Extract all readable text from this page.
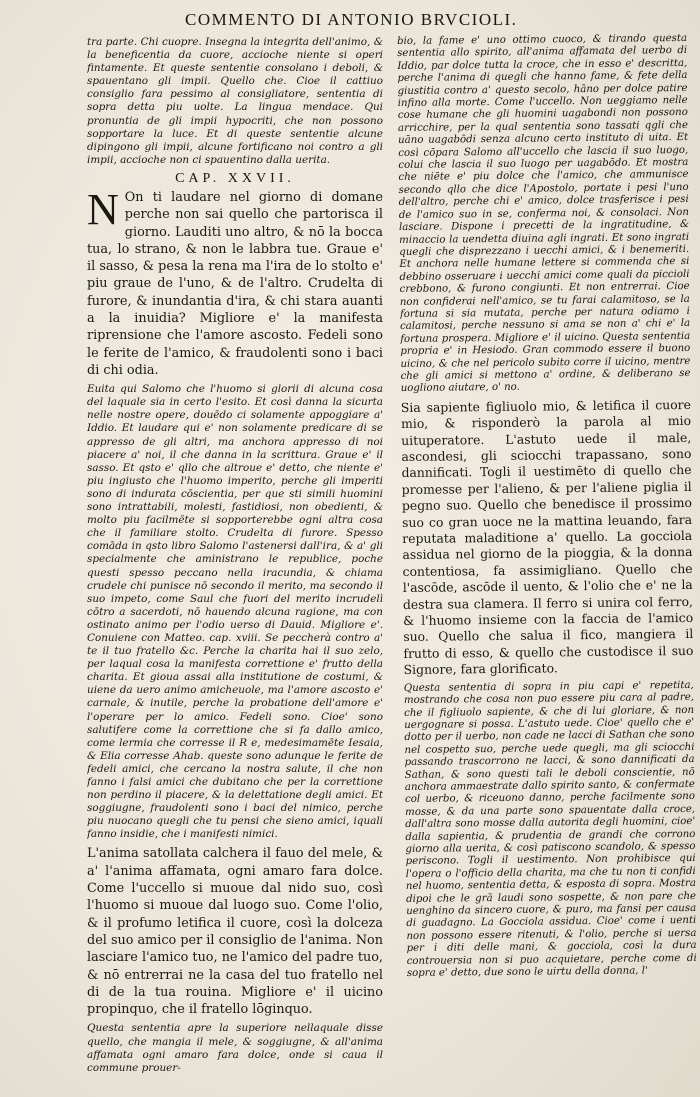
COMMENTO DI ANTONIO BRVCIOLI.

tra parte. Chi cuopre. Insegna la integrita dell'animo, & la beneficentia da cuore, accioche niente si operi fintamente. Et queste sententie consolano i deboli, & spauentano gli impii. Quello che. Cioe il cattiuo consiglio fara pessimo al consigliatore, sententia di sopra detta piu uolte. La lingua mendace. Qui pronuntia de gli impii hypocriti, che non possono sopportare la luce. Et di queste sententie alcune dipingono gli impii, alcune fortificano noi contro a gli impii, accioche non ci spauentino dalla uerita.

CAP. XXVII.

N On ti laudare nel giorno di domane perche non sai quello che partorisca il giorno. Lauditi uno altro, & nō la bocca tua, lo strano, & non le labbra tue. Graue e' il sasso, & pesa la rena ma l'ira de lo stolto e' piu graue de l'uno, & de l'altro. Crudelta di furore, & inundantia d'ira, & chi stara auanti a la inuidia? Migliore e' la manifesta riprensione che l'amore ascosto. Fedeli sono le ferite de l'amico, & fraudolenti sono i baci di chi odia.

Euita qui Salomo che l'huomo si glorii di alcuna cosa del laquale sia in certo l'esito. Et così danna la sicurta nelle nostre opere, douēdo ci solamente appoggiare a' Iddio. Et laudare qui e' non solamente predicare di se appresso de gli altri, ma anchora appresso di noi piacere a' noi, il che danna in la scrittura. Graue e' il sasso. Et qsto e' qllo che altroue e' detto, che niente e' piu ingiusto che l'huomo imperito, perche gli imperiti sono di indurata cōscientia, per que sti simili huomini sono intrattabili, molesti, fastidiosi, non obedienti, & molto piu facilmēte si sopporterebbe ogni altra cosa che il familiare stolto. Crudelta di furore. Spesso comāda in qsto libro Salomo l'astenersi dall'ira, & a' gli specialmente che aministrano le republice, poche questi spesso peccano nella iracundia, & chiama crudele chi punisce nō secondo il merito, ma secondo il suo impeto, come Saul che fuori del merito incrudelì cōtro a sacerdoti, nō hauendo alcuna ragione, ma con ostinato animo per l'odio uerso di Dauid. Migliore e'. Conuiene con Matteo. cap. xviii. Se peccherà contro a' te il tuo fratello &c. Perche la charita hai il suo zelo, per laqual cosa la manifesta correttione e' frutto della charita. Et gioua assai alla institutione de costumi, & uiene da uero animo amicheuole, ma l'amore ascosto e' carnale, & inutile, perche la probatione dell'amore e' l'operare per lo amico. Fedeli sono. Cioe' sono salutifere come la correttione che si fa dallo amico, come lermia che corresse il R e, medesimamēte Iesaia, & Elia corresse Ahab. queste sono adunque le ferite de fedeli amici, che cercano la nostra salute, il che non fanno i falsi amici che dubitano che per la correttione non perdino il piacere, & la delettatione degli amici. Et soggiugne, fraudolenti sono i baci del nimico, perche piu nuocano quegli che tu pensi che sieno amici, iquali fanno insidie, che i manifesti nimici.

L'anima satollata calchera il fauo del mele, & a' l'anima affamata, ogni amaro fara dolce. Come l'uccello si muoue dal nido suo, così l'huomo si muoue dal luogo suo. Come l'olio, & il profumo letifica il cuore, così la dolceza del suo amico per il consiglio de l'anima. Non lasciare l'amico tuo, ne l'amico del padre tuo, & nō entrerrai ne la casa del tuo fratello nel di de la tua rouina. Migliore e' il uicino propinquo, che il fratello lōginquo.

Questa sententia apre la superiore nellaquale disse quello, che mangia il mele, & soggiugne, & all'anima affamata ogni amaro fara dolce, onde si caua il commune prouer-

bio, la fame e' uno ottimo cuoco, & tirando questa sententia allo spirito, all'anima affamata del uerbo di Iddio, par dolce tutta la croce, che in esso e' descritta, perche l'anima di quegli che hanno fame, & fete della giustitia contro a' questo secolo, hāno per dolce patire infino alla morte. Come l'uccello. Non ueggiamo nelle cose humane che gli huomini uagabondi non possono arricchire, per la qual sententia sono tassati qgli che uāno uagabōdi senza alcuno certo instituto di uita. Et così cōpara Salomo all'uccello che lascia il suo luogo, colui che lascia il suo luogo per uagabōdo. Et mostra che niēte e' piu dolce che l'amico, che ammunisce secondo qllo che dice l'Apostolo, portate i pesi l'uno dell'altro, perche chi e' amico, dolce trasferisce i pesi de l'amico suo in se, conferma noi, & consolaci. Non lasciare. Dispone i precetti de la ingratitudine, & minaccio la uendetta diuina agli ingrati. Et sono ingrati quegli che disprezzano i uecchi amici, & i benemeriti. Et anchora nelle humane lettere si commenda che si debbino osseruare i uecchi amici come quali da piccioli crebbono, & furono congiunti. Et non entrerrai. Cioe non confiderai nell'amico, se tu farai calamitoso, se la fortuna si sia mutata, perche per natura odiamo i calamitosi, perche nessuno si ama se non a' chi e' la fortuna prospera. Migliore e' il uicino. Questa sententia propria e' in Hesiodo. Gran commodo essere il buono uicino, & che nel pericolo subito corre il uicino, mentre che gli amici si mettono a' ordine, & deliberano se uogliono aiutare, o' no.

Sia sapiente figliuolo mio, & letifica il cuore mio, & risponderò la parola al mio uituperatore. L'astuto uede il male, ascondesi, gli sciocchi trapassano, sono dannificati. Togli il uestimēto di quello che promesse per l'alieno, & per l'aliene piglia il pegno suo. Quello che benedisce il prossimo suo co gran uoce ne la mattina leuando, fara reputata maladitione a' quello. La gocciola assidua nel giorno de la pioggia, & la donna contentiosa, fa assimigliano. Quello che l'ascōde, ascōde il uento, & l'olio che e' ne la destra sua clamera. Il ferro si unira col ferro, & l'huomo insieme con la faccia de l'amico suo. Quello che salua il fico, mangiera il frutto di esso, & quello che custodisce il suo Signore, fara glorificato.

Questa sententia di sopra in piu capi e' repetita, mostrando che cosa non puo essere piu cara al padre, che il figliuolo sapiente, & che di lui gloriare, & non uergognare si possa. L'astuto uede. Cioe' quello che e' dotto per il uerbo, non cade ne lacci di Sathan che sono nel cospetto suo, perche uede quegli, ma gli sciocchi passando trascorrono ne lacci, & sono dannificati da Sathan, & sono questi tali le deboli conscientie, nō anchora ammaestrate dallo spirito santo, & confermate col uerbo, & riceuono danno, perche facilmente sono mosse, & da una parte sono spauentate dalla croce, dall'altra sono mosse dalla autorita degli huomini, cioe' dalla sapientia, & prudentia de grandi che corrono giorno alla uerita, & così patiscono scandolo, & spesso periscono. Togli il uestimento. Non prohibisce qui l'opera o l'officio della charita, ma che tu non ti confidi nel huomo, sententia detta, & esposta di sopra. Mostra dipoi che le grā laudi sono sospette, & non pare che uenghino da sincero cuore, & puro, ma fansi per causa di guadagno. La Gocciola assidua. Cioe' come i uenti non possono essere ritenuti, & l'olio, perche si uersa per i diti delle mani, & gocciola, così la dura controuersia non si puo acquietare, perche come di sopra e' detto, due sono le uirtu della donna, l'
